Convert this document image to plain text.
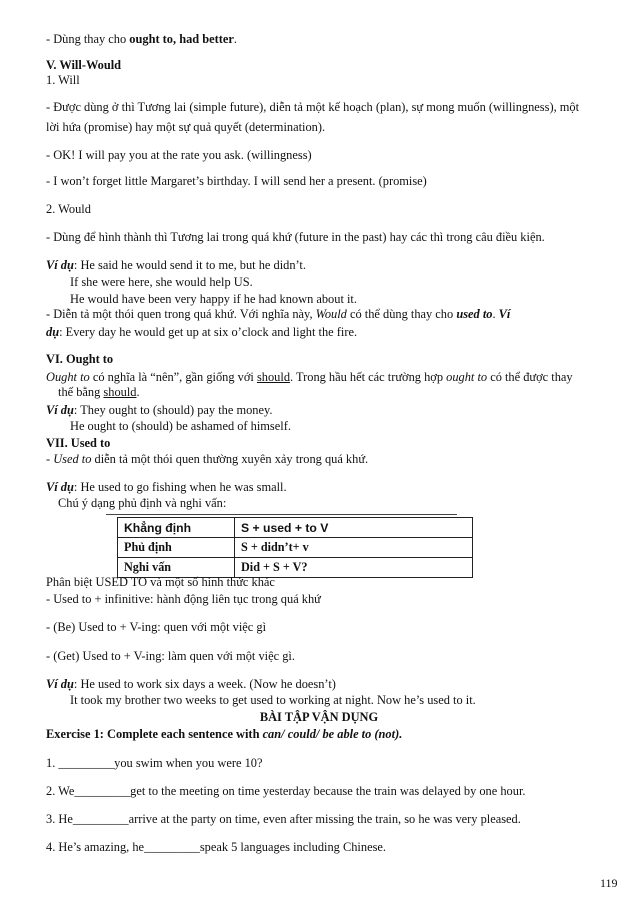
- Dùng thay cho ought to, had better.
V. Will-Would
1. Will
- Được dùng ở thì Tương lai (simple future), diễn tả một kế hoạch (plan), sự mong muốn (willingness), một
lời hứa (promise) hay một sự quả quyết (determination).
- OK! I will pay you at the rate you ask. (willingness)
- I won’t forget little Margaret’s birthday. I will send her a present. (promise)
2. Would
- Dùng để hình thành thì Tương lai trong quá khứ (future in the past) hay các thì trong câu điều kiện.
Ví dụ: He said he would send it to me, but he didn’t.
If she were here, she would help US.
He would have been very happy if he had known about it.
- Diễn tả một thói quen trong quá khứ. Với nghĩa này, Would có thể dùng thay cho used to. Ví
dụ: Every day he would get up at six o’clock and light the fire.
VI. Ought to
Ought to có nghĩa là “nên”, gần giống với should. Trong hầu hết các trường hợp ought to có thể được thay
thế bằng should.
Ví dụ: They ought to (should) pay the money.
He ought to (should) be ashamed of himself.
VII. Used to
- Used to diễn tả một thói quen thường xuyên xảy trong quá khứ.
Ví dụ: He used to go fishing when he was small.
Chú ý dạng phủ định và nghi vấn:
Khẳng định	S + used + to V
Phủ định	S + didn’t+ v
Nghi vấn	Did + S + V?
Phân biệt USED TO và một số hình thức khác
- Used to + infinitive: hành động liên tục trong quá khứ
- (Be) Used to + V-ing: quen với một việc gì
- (Get) Used to + V-ing: làm quen với một việc gì.
Ví dụ: He used to work six days a week. (Now he doesn’t)
It took my brother two weeks to get used to working at night. Now he’s used to it.
BÀI TẬP VẬN DỤNG
Exercise 1: Complete each sentence with can/ could/ be able to (not).
1. _________you swim when you were 10?
2. We_________get to the meeting on time yesterday because the train was delayed by one hour.
3. He_________arrive at the party on time, even after missing the train, so he was very pleased.
4. He’s amazing, he_________speak 5 languages including Chinese.
119
